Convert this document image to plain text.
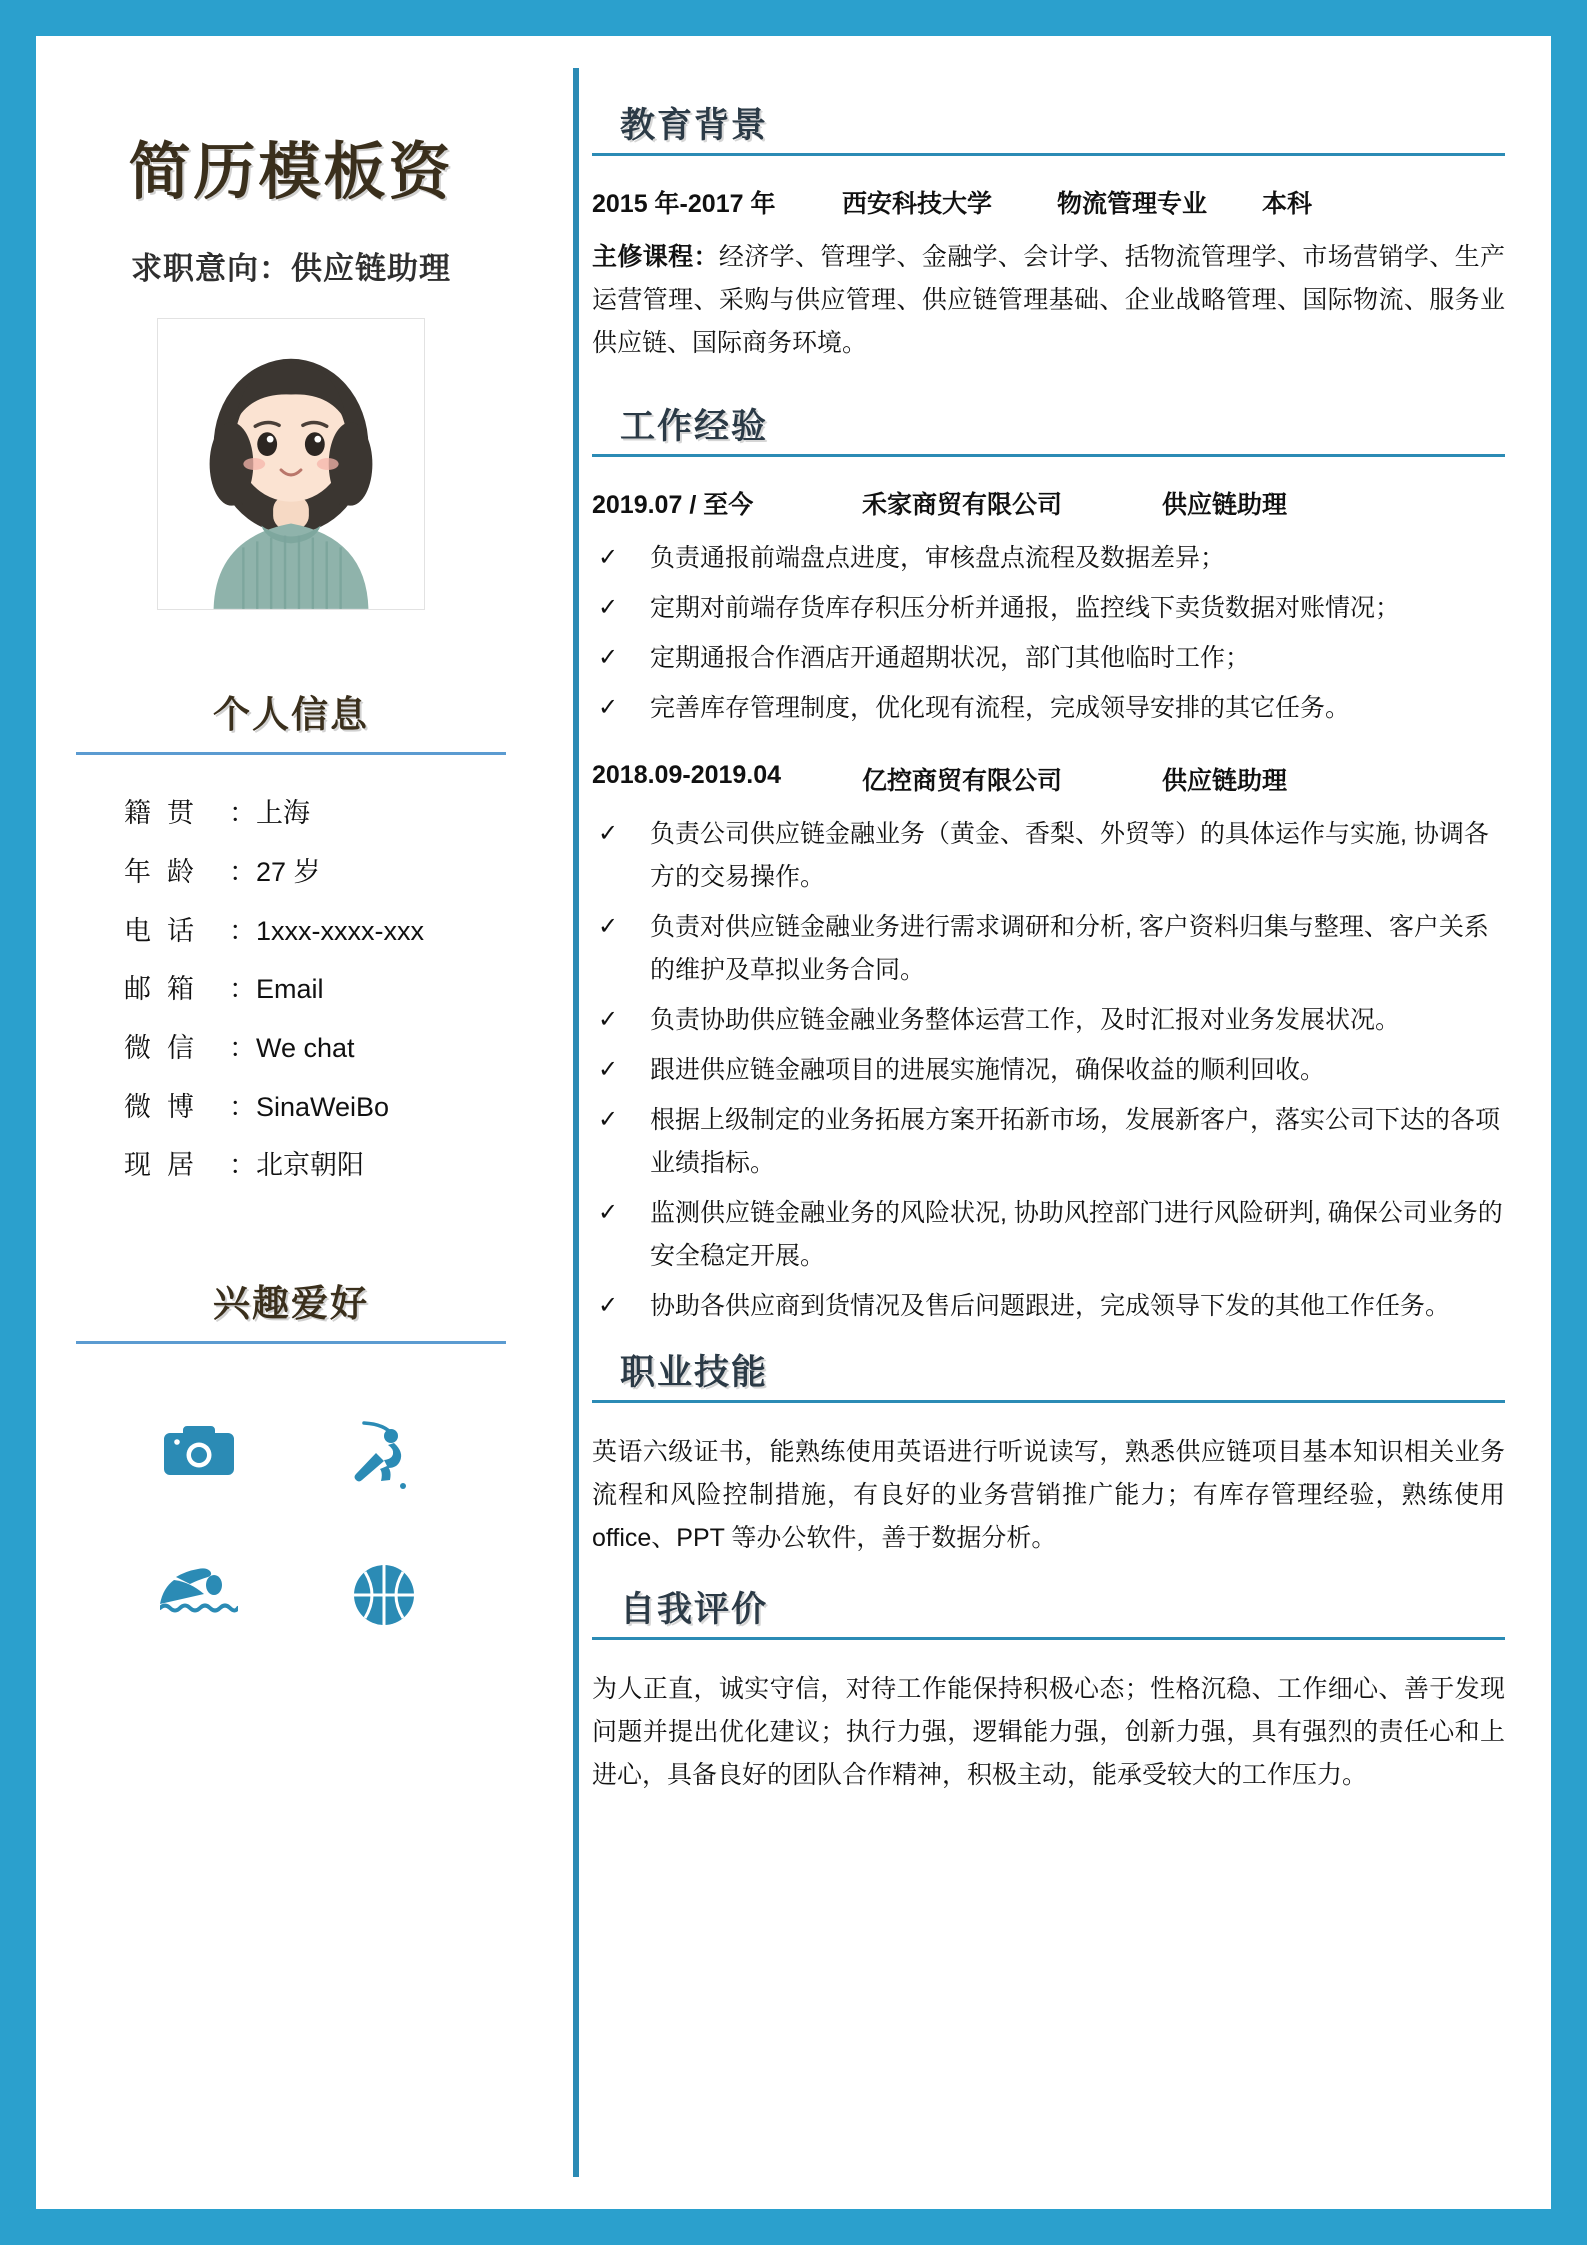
简历模板资
求职意向：供应链助理
个人信息
籍贯 ： 上海
年龄 ： 27 岁
电话 ： 1xxx-xxxx-xxx
邮箱 ： Email
微信 ： We chat
微博 ： SinaWeiBo
现居 ： 北京朝阳
兴趣爱好
教育背景
2015 年-2017 年	西安科技大学	物流管理专业	本科
主修课程：经济学、管理学、金融学、会计学、括物流管理学、市场营销学、生产运营管理、采购与供应管理、供应链管理基础、企业战略管理、国际物流、服务业供应链、国际商务环境。
工作经验
2019.07 / 至今	禾家商贸有限公司	供应链助理
✓	负责通报前端盘点进度，审核盘点流程及数据差异；
✓	定期对前端存货库存积压分析并通报，监控线下卖货数据对账情况；
✓	定期通报合作酒店开通超期状况，部门其他临时工作；
✓	完善库存管理制度，优化现有流程，完成领导安排的其它任务。
2018.09-2019.04	亿控商贸有限公司	供应链助理
✓	负责公司供应链金融业务（黄金、香梨、外贸等）的具体运作与实施, 协调各方的交易操作。
✓	负责对供应链金融业务进行需求调研和分析, 客户资料归集与整理、客户关系的维护及草拟业务合同。
✓	负责协助供应链金融业务整体运营工作，及时汇报对业务发展状况。
✓	跟进供应链金融项目的进展实施情况，确保收益的顺利回收。
✓	根据上级制定的业务拓展方案开拓新市场，发展新客户，落实公司下达的各项业绩指标。
✓	监测供应链金融业务的风险状况, 协助风控部门进行风险研判, 确保公司业务的安全稳定开展。
✓	协助各供应商到货情况及售后问题跟进，完成领导下发的其他工作任务。
职业技能
英语六级证书，能熟练使用英语进行听说读写，熟悉供应链项目基本知识相关业务流程和风险控制措施，有良好的业务营销推广能力；有库存管理经验，熟练使用 office、PPT 等办公软件，善于数据分析。
自我评价
为人正直，诚实守信，对待工作能保持积极心态；性格沉稳、工作细心、善于发现问题并提出优化建议；执行力强，逻辑能力强，创新力强，具有强烈的责任心和上进心，具备良好的团队合作精神，积极主动，能承受较大的工作压力。
